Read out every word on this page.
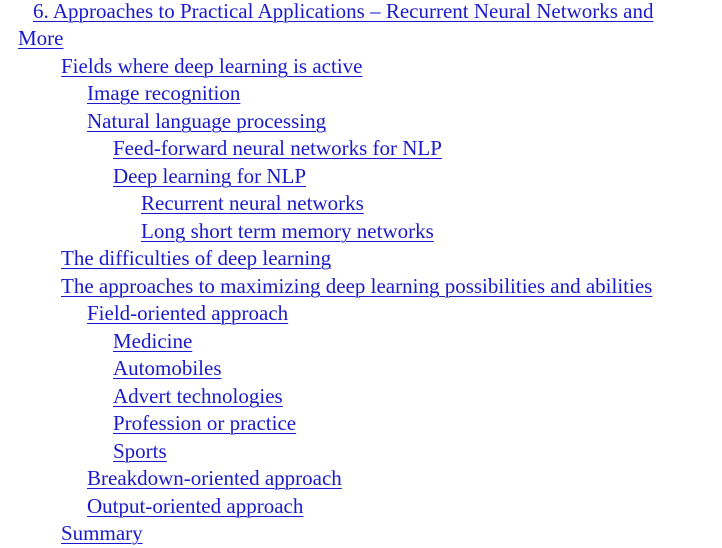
6. Approaches to Practical Applications – Recurrent Neural Networks and
More
Fields where deep learning is active
Image recognition
Natural language processing
Feed-forward neural networks for NLP
Deep learning for NLP
Recurrent neural networks
Long short term memory networks
The difficulties of deep learning
The approaches to maximizing deep learning possibilities and abilities
Field-oriented approach
Medicine
Automobiles
Advert technologies
Profession or practice
Sports
Breakdown-oriented approach
Output-oriented approach
Summary
